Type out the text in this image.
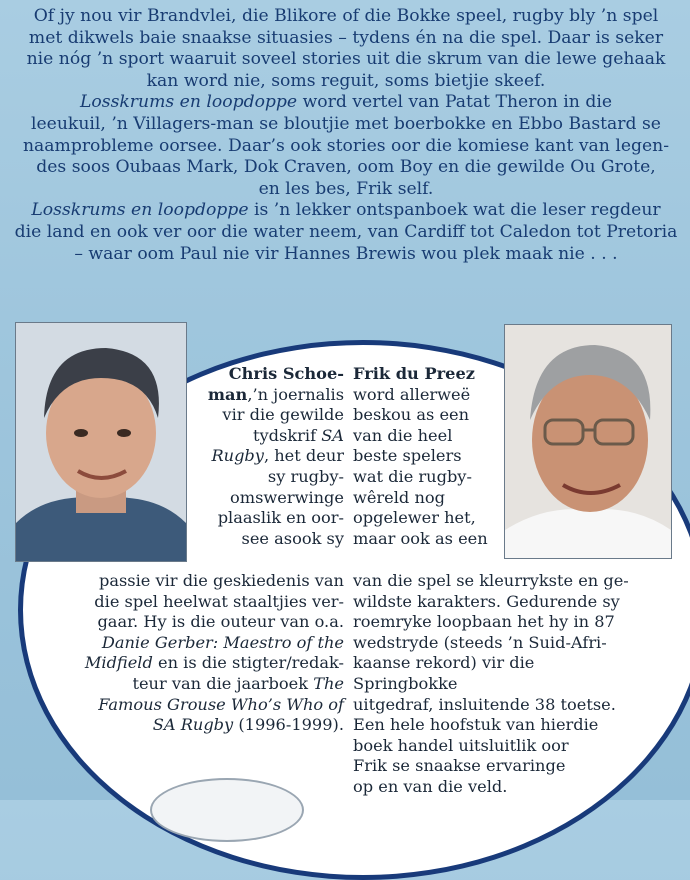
Of jy nou vir Brandvlei, die Blikore of die Bokke speel, rugby bly ’n spel
met dikwels baie snaakse situasies – tydens én na die spel. Daar is seker
nie nóg ’n sport waaruit soveel stories uit die skrum van die lewe gehaak
kan word nie, soms reguit, soms bietjie skeef.

Losskrums en loopdoppe word vertel van Patat Theron in die
leeukuil, ’n Villagers-man se bloutjie met boerbokke en Ebbo Bastard se
naamprobleme oorsee. Daar’s ook stories oor die komiese kant van legen-
des soos Oubaas Mark, Dok Craven, oom Boy en die gewilde Ou Grote,
en les bes, Frik self.

Losskrums en loopdoppe is ’n lekker ontspanboek wat die leser regdeur
die land en ook ver oor die water neem, van Cardiff tot Caledon tot Pretoria
– waar oom Paul nie vir Hannes Brewis wou plek maak nie . . .

Chris Schoe-
man,’n joernalis
vir die gewilde
tydskrif SA
Rugby, het deur
sy rugby-
omswerwinge
plaaslik en oor-
see asook sy

passie vir die geskiedenis van
die spel heelwat staaltjies ver-
gaar. Hy is die outeur van o.a.
Danie Gerber: Maestro of the
Midfield en is die stigter/redak-
teur van die jaarboek The
Famous Grouse Who’s Who of
SA Rugby (1996-1999).

Frik du Preez
word allerweë
beskou as een
van die heel
beste spelers
wat die rugby-
wêreld nog
opgelewer het,
maar ook as een

van die spel se kleurrykste en ge-
wildste karakters. Gedurende sy
roemryke loopbaan het hy in 87
wedstryde (steeds ’n Suid-Afri-
kaanse rekord) vir die Springbokke
uitgedraf, insluitende 38 toetse.
Een hele hoofstuk van hierdie
boek handel uitsluitlik oor
Frik se snaakse ervaringe
op en van die veld.
